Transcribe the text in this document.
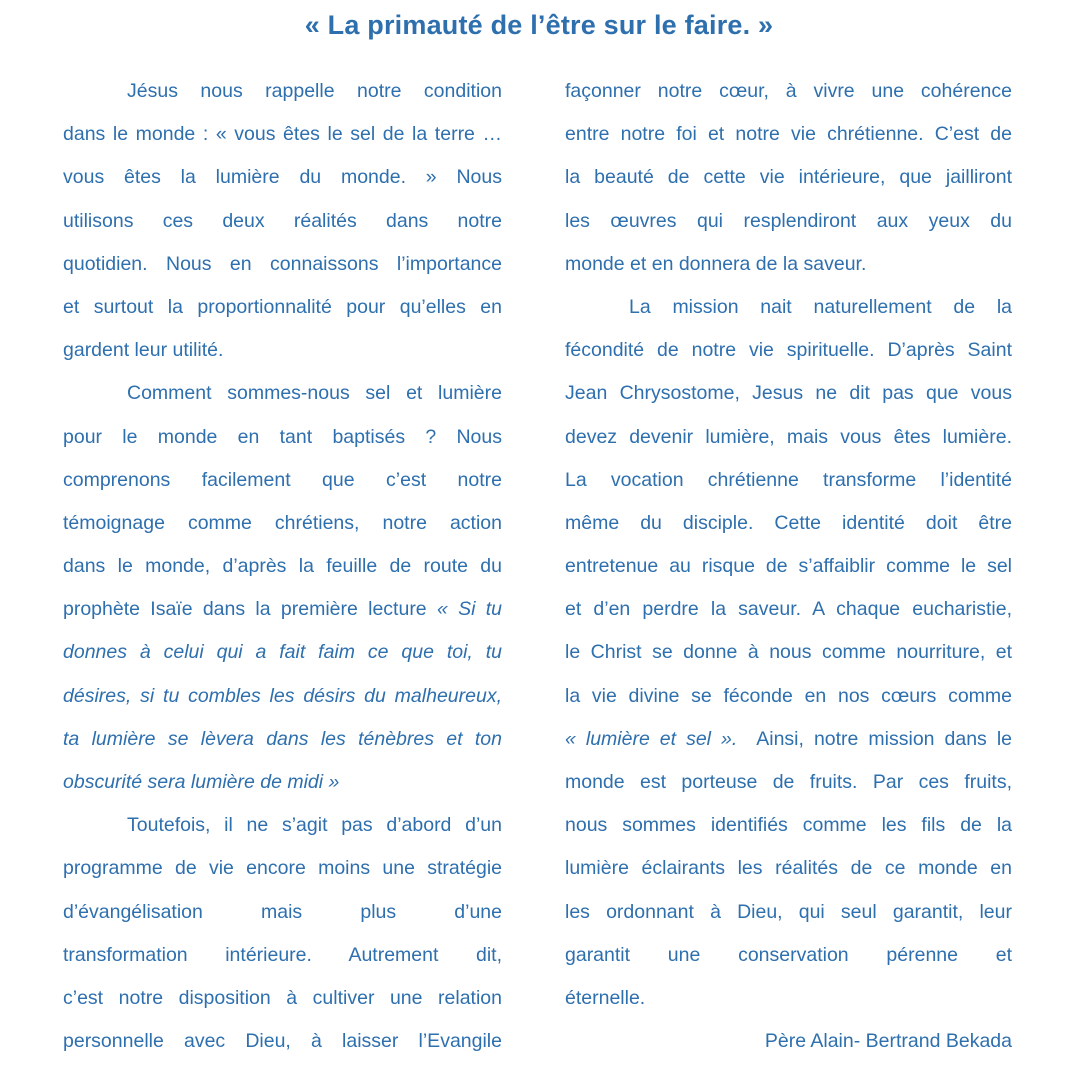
« La primauté de l’être sur le faire. »
Jésus nous rappelle notre condition
dans le monde : « vous êtes le sel de la terre …
vous êtes la lumière du monde. » Nous
utilisons ces deux réalités dans notre
quotidien. Nous en connaissons l’importance
et surtout la proportionnalité pour qu’elles en
gardent leur utilité.
Comment sommes-nous sel et lumière
pour le monde en tant baptisés ? Nous
comprenons facilement que c’est notre
témoignage comme chrétiens, notre action
dans le monde, d’après la feuille de route du
prophète Isaïe dans la première lecture « Si tu
donnes à celui qui a fait faim ce que toi, tu
désires, si tu combles les désirs du malheureux,
ta lumière se lèvera dans les ténèbres et ton
obscurité sera lumière de midi »
Toutefois, il ne s’agit pas d’abord d’un
programme de vie encore moins une stratégie
d’évangélisation mais plus d’une
transformation intérieure. Autrement dit,
c’est notre disposition à cultiver une relation
personnelle avec Dieu, à laisser l’Evangile
façonner notre cœur, à vivre une cohérence
entre notre foi et notre vie chrétienne. C’est de
la beauté de cette vie intérieure, que jailliront
les œuvres qui resplendiront aux yeux du
monde et en donnera de la saveur.
La mission nait naturellement de la
fécondité de notre vie spirituelle. D’après Saint
Jean Chrysostome, Jesus ne dit pas que vous
devez devenir lumière, mais vous êtes lumière.
La vocation chrétienne transforme l’identité
même du disciple. Cette identité doit être
entretenue au risque de s’affaiblir comme le sel
et d’en perdre la saveur. A chaque eucharistie,
le Christ se donne à nous comme nourriture, et
la vie divine se féconde en nos cœurs comme
« lumière et sel ».  Ainsi, notre mission dans le
monde est porteuse de fruits. Par ces fruits,
nous sommes identifiés comme les fils de la
lumière éclairants les réalités de ce monde en
les ordonnant à Dieu, qui seul garantit, leur
garantit une conservation pérenne et
éternelle.
Père Alain- Bertrand Bekada
